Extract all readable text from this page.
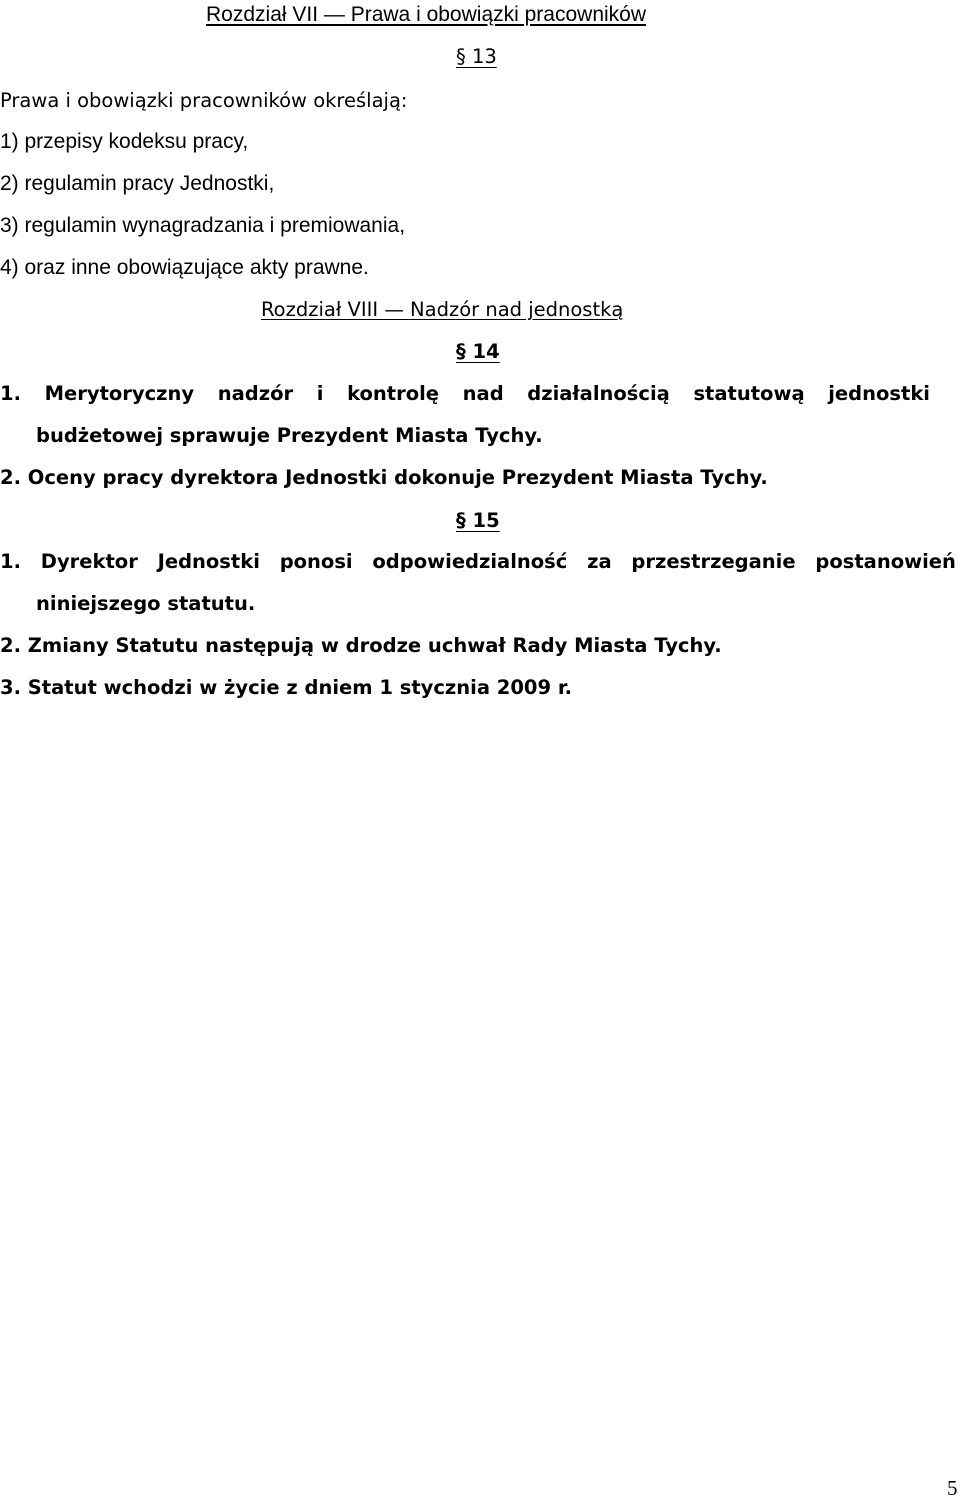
Rozdział VII — Prawa i obowiązki pracowników
§ 13
Prawa i obowiązki pracowników określają:
1) przepisy kodeksu pracy,
2) regulamin pracy Jednostki,
3) regulamin wynagradzania i premiowania,
4) oraz inne obowiązujące akty prawne.
Rozdział VIII — Nadzór nad jednostką
§ 14
1. Merytoryczny nadzór i kontrolę nad działalnością statutową jednostki
budżetowej sprawuje Prezydent Miasta Tychy.
2. Oceny pracy dyrektora Jednostki dokonuje Prezydent Miasta Tychy.
§ 15
1. Dyrektor Jednostki ponosi odpowiedzialność za przestrzeganie postanowień
niniejszego statutu.
2. Zmiany Statutu następują w drodze uchwał Rady Miasta Tychy.
3. Statut wchodzi w życie z dniem 1 stycznia 2009 r.
5
